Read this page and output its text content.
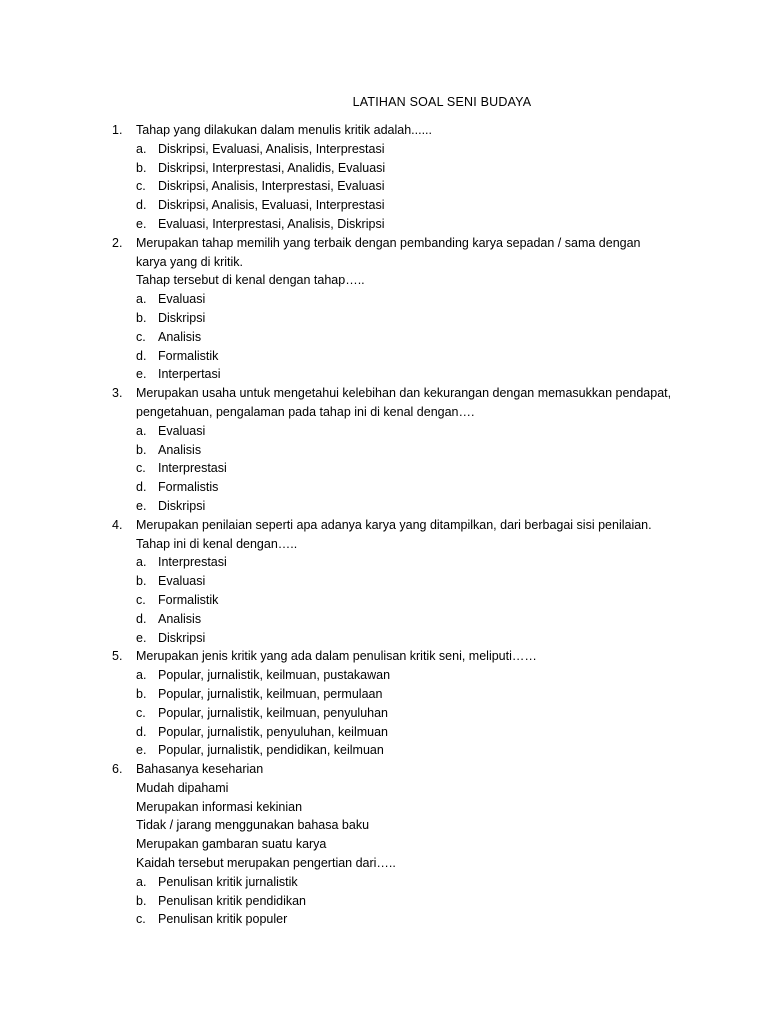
LATIHAN SOAL SENI BUDAYA
1. Tahap yang dilakukan dalam menulis kritik adalah......
a. Diskripsi, Evaluasi, Analisis, Interprestasi
b. Diskripsi, Interprestasi, Analidis, Evaluasi
c. Diskripsi, Analisis, Interprestasi, Evaluasi
d. Diskripsi, Analisis, Evaluasi, Interprestasi
e. Evaluasi, Interprestasi, Analisis, Diskripsi
2. Merupakan tahap memilih yang terbaik dengan pembanding karya sepadan / sama dengan
karya yang di kritik.
Tahap tersebut di kenal dengan tahap…..
a. Evaluasi
b. Diskripsi
c. Analisis
d. Formalistik
e. Interpertasi
3. Merupakan usaha untuk mengetahui kelebihan dan kekurangan dengan memasukkan pendapat,
pengetahuan, pengalaman pada tahap ini di kenal dengan….
a. Evaluasi
b. Analisis
c. Interprestasi
d. Formalistis
e. Diskripsi
4. Merupakan penilaian seperti apa adanya karya yang ditampilkan, dari berbagai sisi penilaian.
Tahap ini di kenal dengan…..
a. Interprestasi
b. Evaluasi
c. Formalistik
d. Analisis
e. Diskripsi
5. Merupakan jenis kritik yang ada dalam penulisan kritik seni, meliputi……
a. Popular, jurnalistik, keilmuan, pustakawan
b. Popular, jurnalistik, keilmuan, permulaan
c. Popular, jurnalistik, keilmuan, penyuluhan
d. Popular, jurnalistik, penyuluhan, keilmuan
e. Popular, jurnalistik, pendidikan, keilmuan
6. Bahasanya keseharian
Mudah dipahami
Merupakan informasi kekinian
Tidak / jarang menggunakan bahasa baku
Merupakan gambaran suatu karya
Kaidah tersebut merupakan pengertian dari…..
a. Penulisan kritik jurnalistik
b. Penulisan kritik pendidikan
c. Penulisan kritik populer
